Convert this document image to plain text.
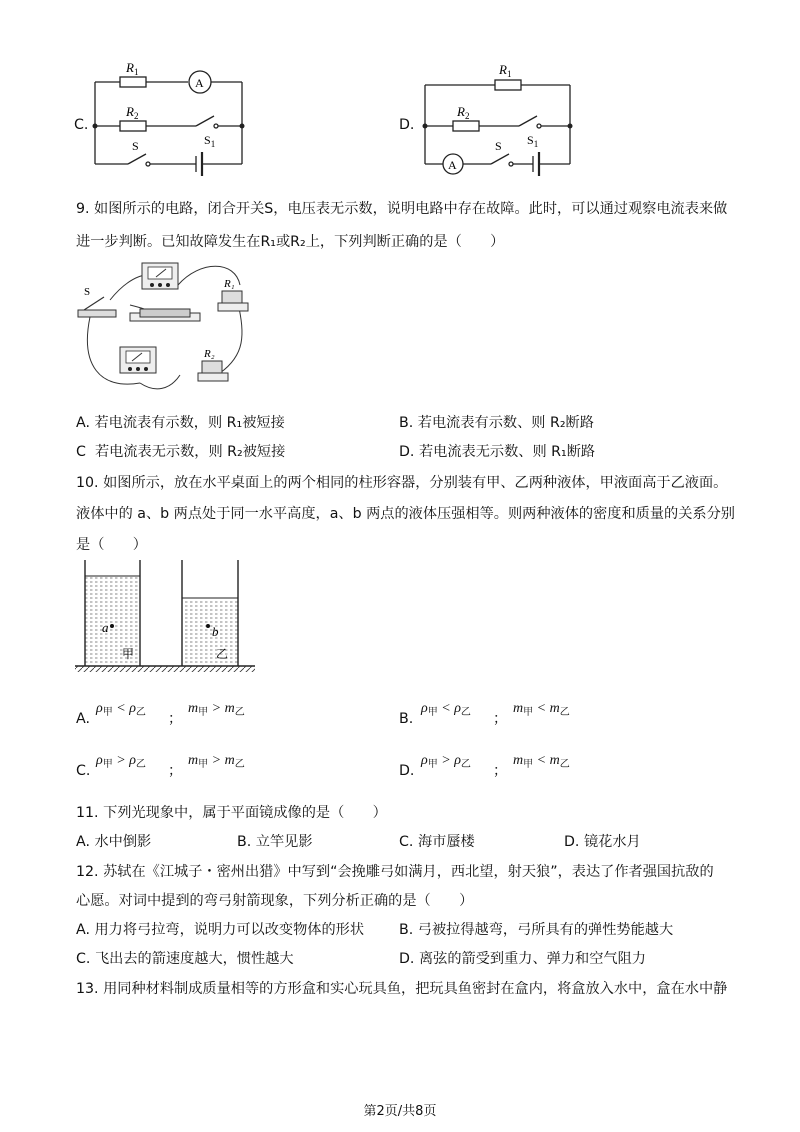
C.
$R_1$
$R_2$
A
$S_1$
S
D.
$R_1$
$R_2$
A
$S_1$
S
9. 如图所示的电路，闭合开关S，电压表无示数，说明电路中存在故障。此时，可以通过观察电流表来做
进一步判断。已知故障发生在R₁或R₂上，下列判断正确的是（　　）
S
R₁
R₂
A. 若电流表有示数，则 R₁被短接	B. 若电流表有示数、则 R₂断路
C 若电流表无示数，则 R₂被短接	D. 若电流表无示数、则 R₁断路
10. 如图所示，放在水平桌面上的两个相同的柱形容器，分别装有甲、乙两种液体，甲液面高于乙液面。
液体中的 a、b 两点处于同一水平高度，a、b 两点的液体压强相等。则两种液体的密度和质量的关系分别
是（　　）
a	b
甲	乙
A.
$\rho_甲 < \rho_乙$ ；
$m_甲 > m_乙$	B.
$\rho_甲 < \rho_乙$ ；
$m_甲 < m_乙$
C.
$\rho_甲 > \rho_乙$ ；
$m_甲 > m_乙$	D.
$\rho_甲 > \rho_乙$ ；
$m_甲 < m_乙$
11. 下列光现象中，属于平面镜成像的是（　　）
A. 水中倒影	B. 立竿见影	C. 海市蜃楼	D. 镜花水月
12. 苏轼在《江城子・密州出猎》中写到“会挽雕弓如满月，西北望，射天狼”，表达了作者强国抗敌的
心愿。对词中提到的弯弓射箭现象，下列分析正确的是（　　）
A. 用力将弓拉弯，说明力可以改变物体的形状 B. 弓被拉得越弯，弓所具有的弹性势能越大
C. 飞出去的箭速度越大，惯性越大	D. 离弦的箭受到重力、弹力和空气阻力
13. 用同种材料制成质量相等的方形盒和实心玩具鱼，把玩具鱼密封在盒内，将盒放入水中，盒在水中静
第2页/共8页
